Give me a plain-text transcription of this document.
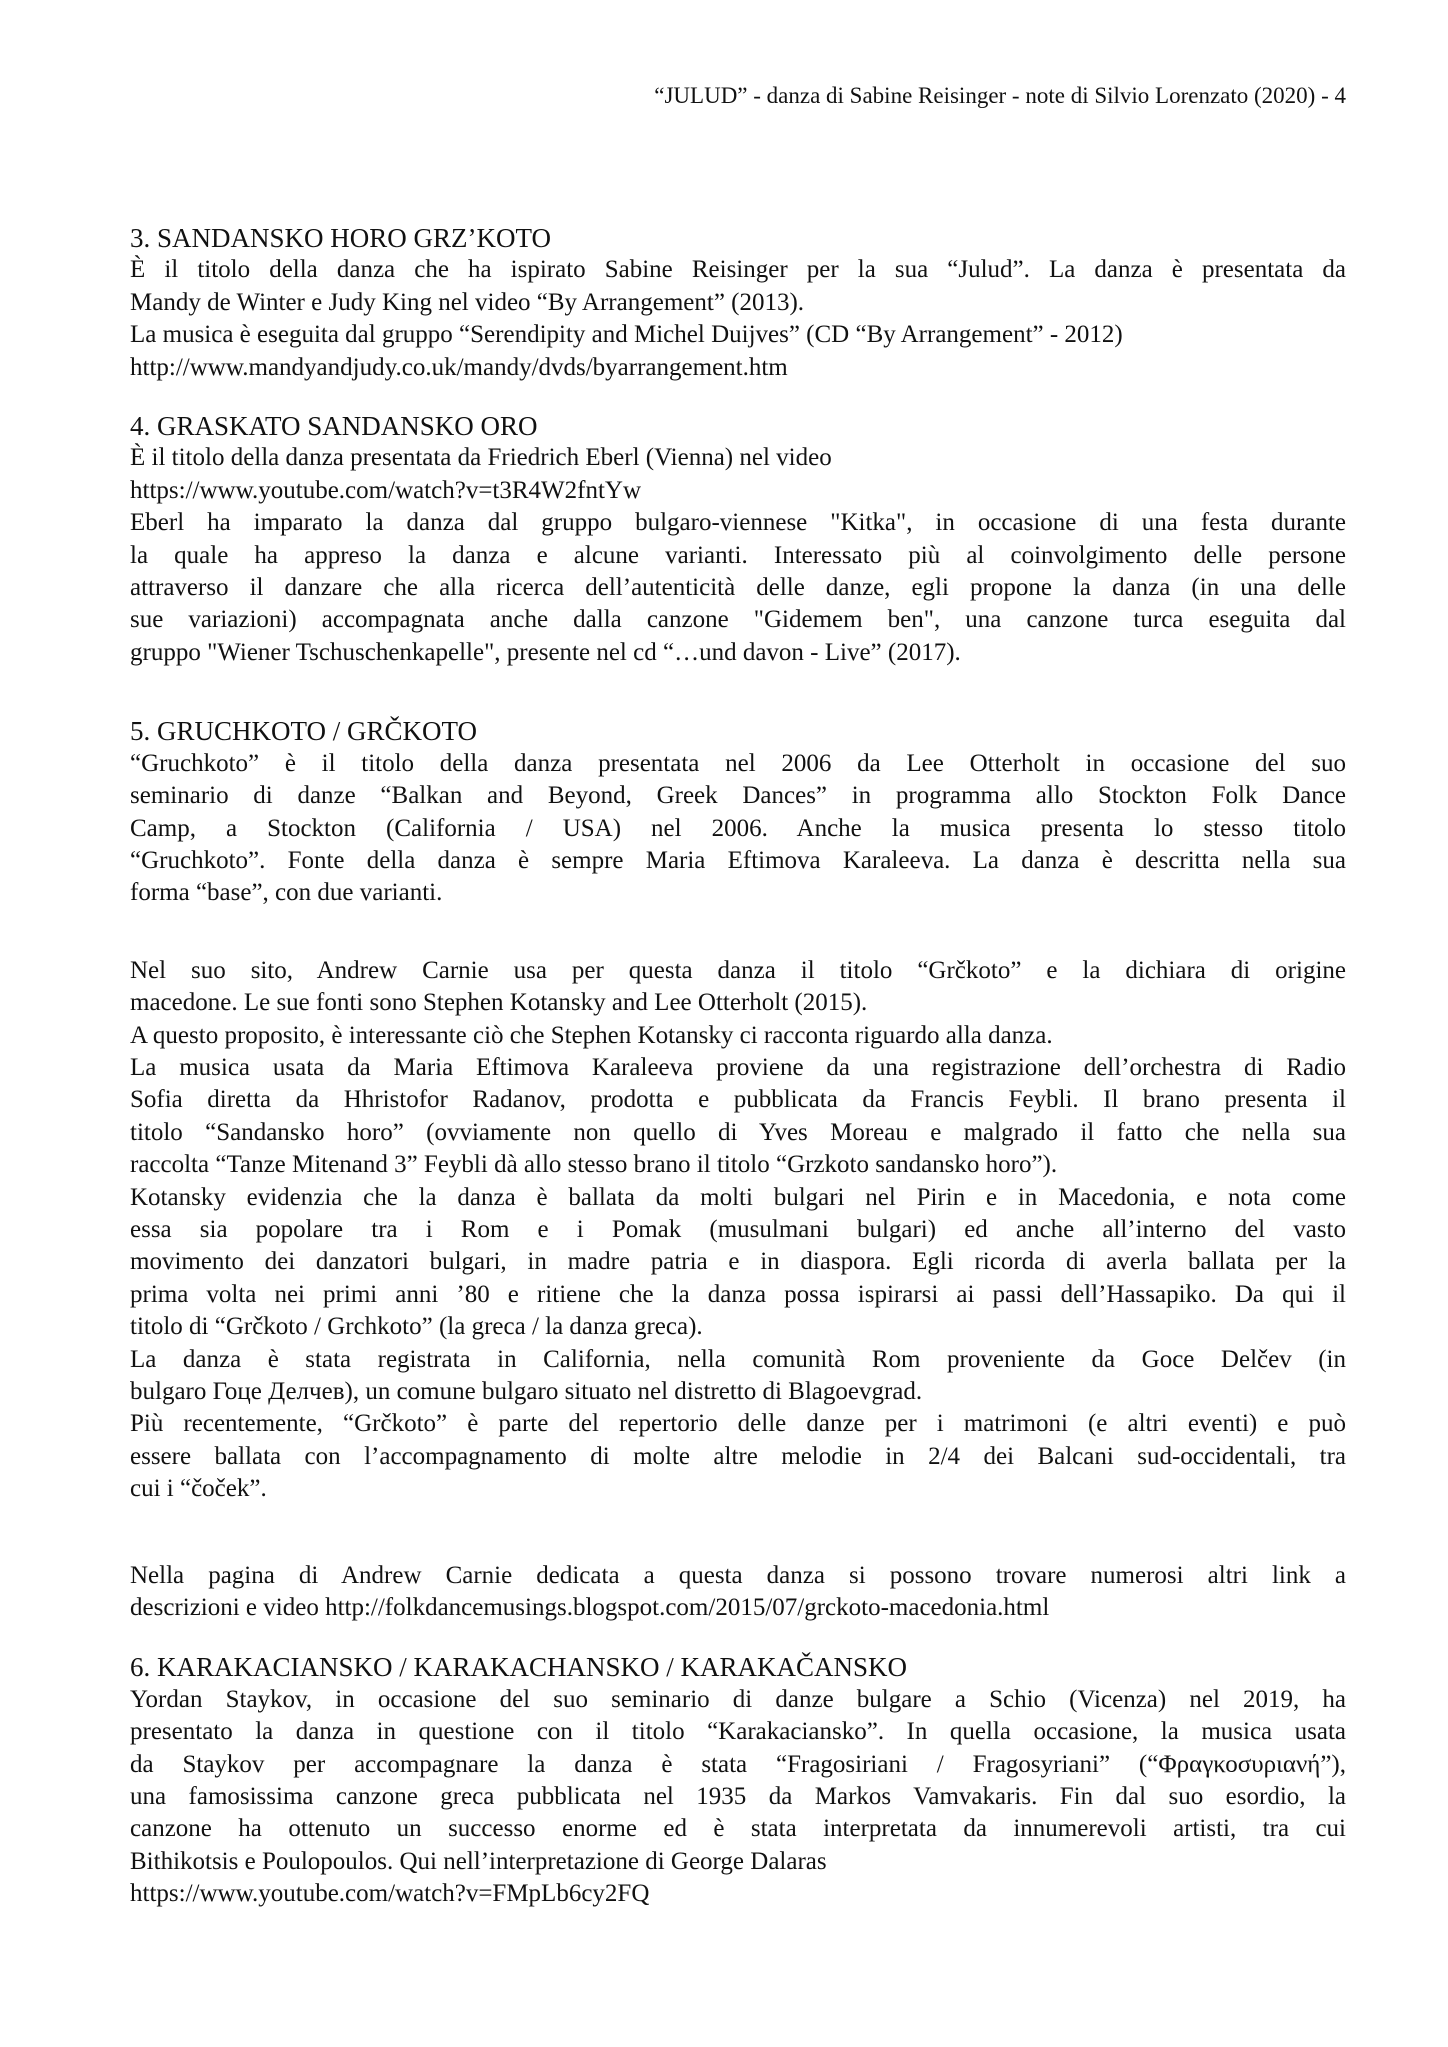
“JULUD” - danza di Sabine Reisinger - note di Silvio Lorenzato (2020) - 4
3. SANDANSKO HORO GRZ’KOTO
È il titolo della danza che ha ispirato Sabine Reisinger per la sua “Julud”. La danza è presentata da
Mandy de Winter e Judy King nel video “By Arrangement” (2013).
La musica è eseguita dal gruppo “Serendipity and Michel Duijves” (CD “By Arrangement” - 2012)
http://www.mandyandjudy.co.uk/mandy/dvds/byarrangement.htm
4. GRASKATO SANDANSKO ORO
È il titolo della danza presentata da Friedrich Eberl (Vienna) nel video
https://www.youtube.com/watch?v=t3R4W2fntYw
Eberl ha imparato la danza dal gruppo bulgaro-viennese "Kitka", in occasione di una festa durante
la quale ha appreso la danza e alcune varianti. Interessato più al coinvolgimento delle persone
attraverso il danzare che alla ricerca dell’autenticità delle danze, egli propone la danza (in una delle
sue variazioni) accompagnata anche dalla canzone "Gidemem ben", una canzone turca eseguita dal
gruppo "Wiener Tschuschenkapelle", presente nel cd “…und davon - Live” (2017).
5. GRUCHKOTO / GRČKOTO
“Gruchkoto” è il titolo della danza presentata nel 2006 da Lee Otterholt in occasione del suo
seminario di danze “Balkan and Beyond, Greek Dances” in programma allo Stockton Folk Dance
Camp, a Stockton (California / USA) nel 2006. Anche la musica presenta lo stesso titolo
“Gruchkoto”. Fonte della danza è sempre Maria Eftimova Karaleeva. La danza è descritta nella sua
forma “base”, con due varianti.
Nel suo sito, Andrew Carnie usa per questa danza il titolo “Grčkoto” e la dichiara di origine
macedone. Le sue fonti sono Stephen Kotansky and Lee Otterholt (2015).
A questo proposito, è interessante ciò che Stephen Kotansky ci racconta riguardo alla danza.
La musica usata da Maria Eftimova Karaleeva proviene da una registrazione dell’orchestra di Radio
Sofia diretta da Hhristofor Radanov, prodotta e pubblicata da Francis Feybli. Il brano presenta il
titolo “Sandansko horo” (ovviamente non quello di Yves Moreau e malgrado il fatto che nella sua
raccolta “Tanze Mitenand 3” Feybli dà allo stesso brano il titolo “Grzkoto sandansko horo”).
Kotansky evidenzia che la danza è ballata da molti bulgari nel Pirin e in Macedonia, e nota come
essa sia popolare tra i Rom e i Pomak (musulmani bulgari) ed anche all’interno del vasto
movimento dei danzatori bulgari, in madre patria e in diaspora. Egli ricorda di averla ballata per la
prima volta nei primi anni ’80 e ritiene che la danza possa ispirarsi ai passi dell’Hassapiko. Da qui il
titolo di “Grčkoto / Grchkoto” (la greca / la danza greca).
La danza è stata registrata in California, nella comunità Rom proveniente da Goce Delčev (in
bulgaro Гоце Делчев), un comune bulgaro situato nel distretto di Blagoevgrad.
Più recentemente, “Grčkoto” è parte del repertorio delle danze per i matrimoni (e altri eventi) e può
essere ballata con l’accompagnamento di molte altre melodie in 2/4 dei Balcani sud-occidentali, tra
cui i “čoček”.
Nella pagina di Andrew Carnie dedicata a questa danza si possono trovare numerosi altri link a
descrizioni e video http://folkdancemusings.blogspot.com/2015/07/grckoto-macedonia.html
6. KARAKACIANSKO / KARAKACHANSKO / KARAKAČANSKO
Yordan Staykov, in occasione del suo seminario di danze bulgare a Schio (Vicenza) nel 2019, ha
presentato la danza in questione con il titolo “Karakaciansko”. In quella occasione, la musica usata
da Staykov per accompagnare la danza è stata “Fragosiriani / Fragosyriani” (“Φραγκοσυριανή”),
una famosissima canzone greca pubblicata nel 1935 da Markos Vamvakaris. Fin dal suo esordio, la
canzone ha ottenuto un successo enorme ed è stata interpretata da innumerevoli artisti, tra cui
Bithikotsis e Poulopoulos. Qui nell’interpretazione di George Dalaras
https://www.youtube.com/watch?v=FMpLb6cy2FQ
